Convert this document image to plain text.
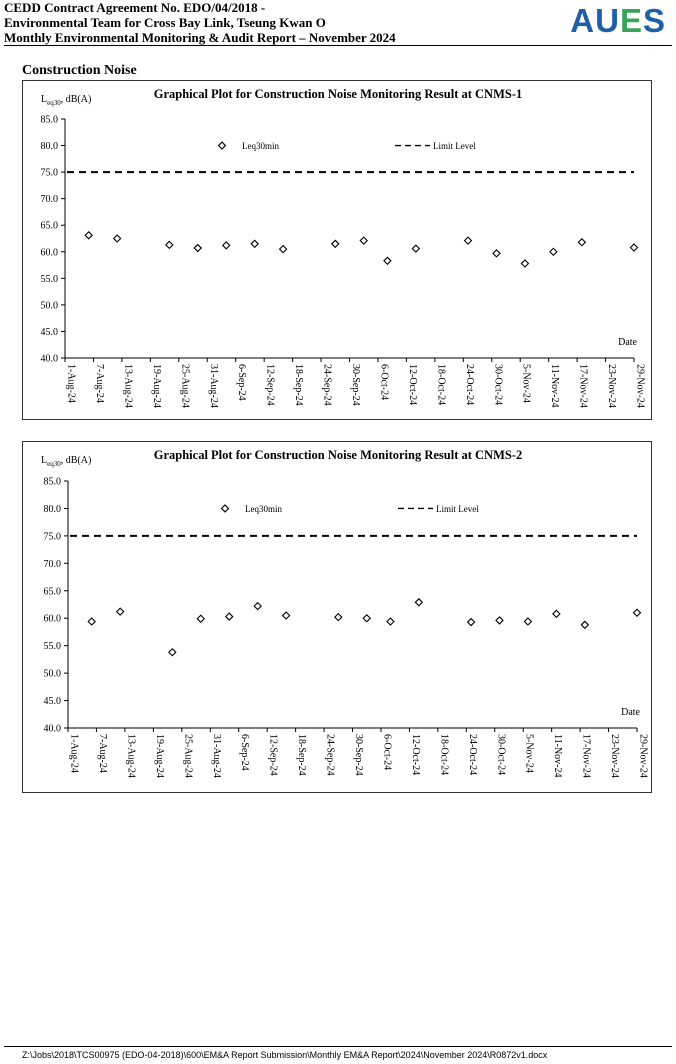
CEDD Contract Agreement No. EDO/04/2018 -
Environmental Team for Cross Bay Link, Tseung Kwan O
Monthly Environmental Monitoring & Audit Report – November 2024	AUES
Construction Noise
Graphical Plot for Construction Noise Monitoring Result at CNMS-1
$L_{eq30}$, dB(A)
40.0
45.0
50.0
55.0
60.0
65.0
70.0
75.0
80.0
85.0
1-Aug-24 7-Aug-24 13-Aug-24 19-Aug-24 25-Aug-24 31-Aug-24 6-Sep-24 12-Sep-24 18-Sep-24 24-Sep-24 30-Sep-24 6-Oct-24 12-Oct-24 18-Oct-24 24-Oct-24 30-Oct-24 5-Nov-24 11-Nov-24 17-Nov-24 23-Nov-24 29-Nov-24
Date
Leq30min	Limit Level
Graphical Plot for Construction Noise Monitoring Result at CNMS-2
$L_{eq30}$, dB(A)
40.0
45.0
50.0
55.0
60.0
65.0
70.0
75.0
80.0
85.0
1-Aug-24 7-Aug-24 13-Aug-24 19-Aug-24 25-Aug-24 31-Aug-24 6-Sep-24 12-Sep-24 18-Sep-24 24-Sep-24 30-Sep-24 6-Oct-24 12-Oct-24 18-Oct-24 24-Oct-24 30-Oct-24 5-Nov-24 11-Nov-24 17-Nov-24 23-Nov-24 29-Nov-24
Date
Leq30min	Limit Level
Z:\Jobs\2018\TCS00975 (EDO-04-2018)\600\EM&A Report Submission\Monthly EM&A Report\2024\November 2024\R0872v1.docx
